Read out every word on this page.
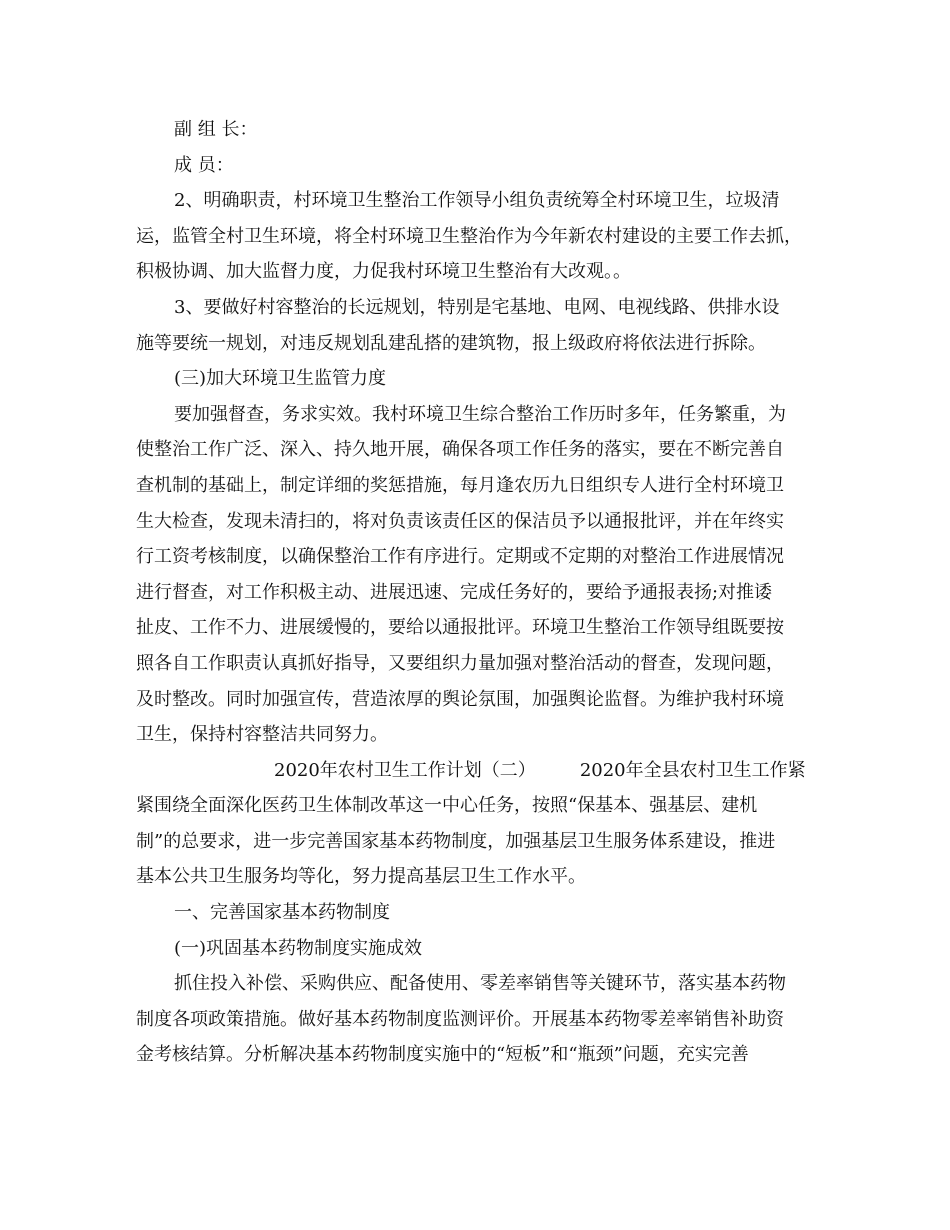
副 组 长：
成 员：
2、明确职责，村环境卫生整治工作领导小组负责统筹全村环境卫生，垃圾清
运，监管全村卫生环境，将全村环境卫生整治作为今年新农村建设的主要工作去抓，
积极协调、加大监督力度，力促我村环境卫生整治有大改观。。
3、要做好村容整治的长远规划，特别是宅基地、电网、电视线路、供排水设
施等要统一规划，对违反规划乱建乱搭的建筑物，报上级政府将依法进行拆除。
(三)加大环境卫生监管力度
要加强督查，务求实效。我村环境卫生综合整治工作历时多年，任务繁重，为
使整治工作广泛、深入、持久地开展，确保各项工作任务的落实，要在不断完善自
查机制的基础上，制定详细的奖惩措施，每月逢农历九日组织专人进行全村环境卫
生大检查，发现未清扫的，将对负责该责任区的保洁员予以通报批评，并在年终实
行工资考核制度，以确保整治工作有序进行。定期或不定期的对整治工作进展情况
进行督查，对工作积极主动、进展迅速、完成任务好的，要给予通报表扬;对推诿
扯皮、工作不力、进展缓慢的，要给以通报批评。环境卫生整治工作领导组既要按
照各自工作职责认真抓好指导，又要组织力量加强对整治活动的督查，发现问题，
及时整改。同时加强宣传，营造浓厚的舆论氛围，加强舆论监督。为维护我村环境
卫生，保持村容整洁共同努力。
2020年农村卫生工作计划（二） 2020年全县农村卫生工作紧
紧围绕全面深化医药卫生体制改革这一中心任务，按照“保基本、强基层、建机
制”的总要求，进一步完善国家基本药物制度，加强基层卫生服务体系建设，推进
基本公共卫生服务均等化，努力提高基层卫生工作水平。
一、完善国家基本药物制度
(一)巩固基本药物制度实施成效
抓住投入补偿、采购供应、配备使用、零差率销售等关键环节，落实基本药物
制度各项政策措施。做好基本药物制度监测评价。开展基本药物零差率销售补助资
金考核结算。分析解决基本药物制度实施中的“短板”和“瓶颈”问题，充实完善
